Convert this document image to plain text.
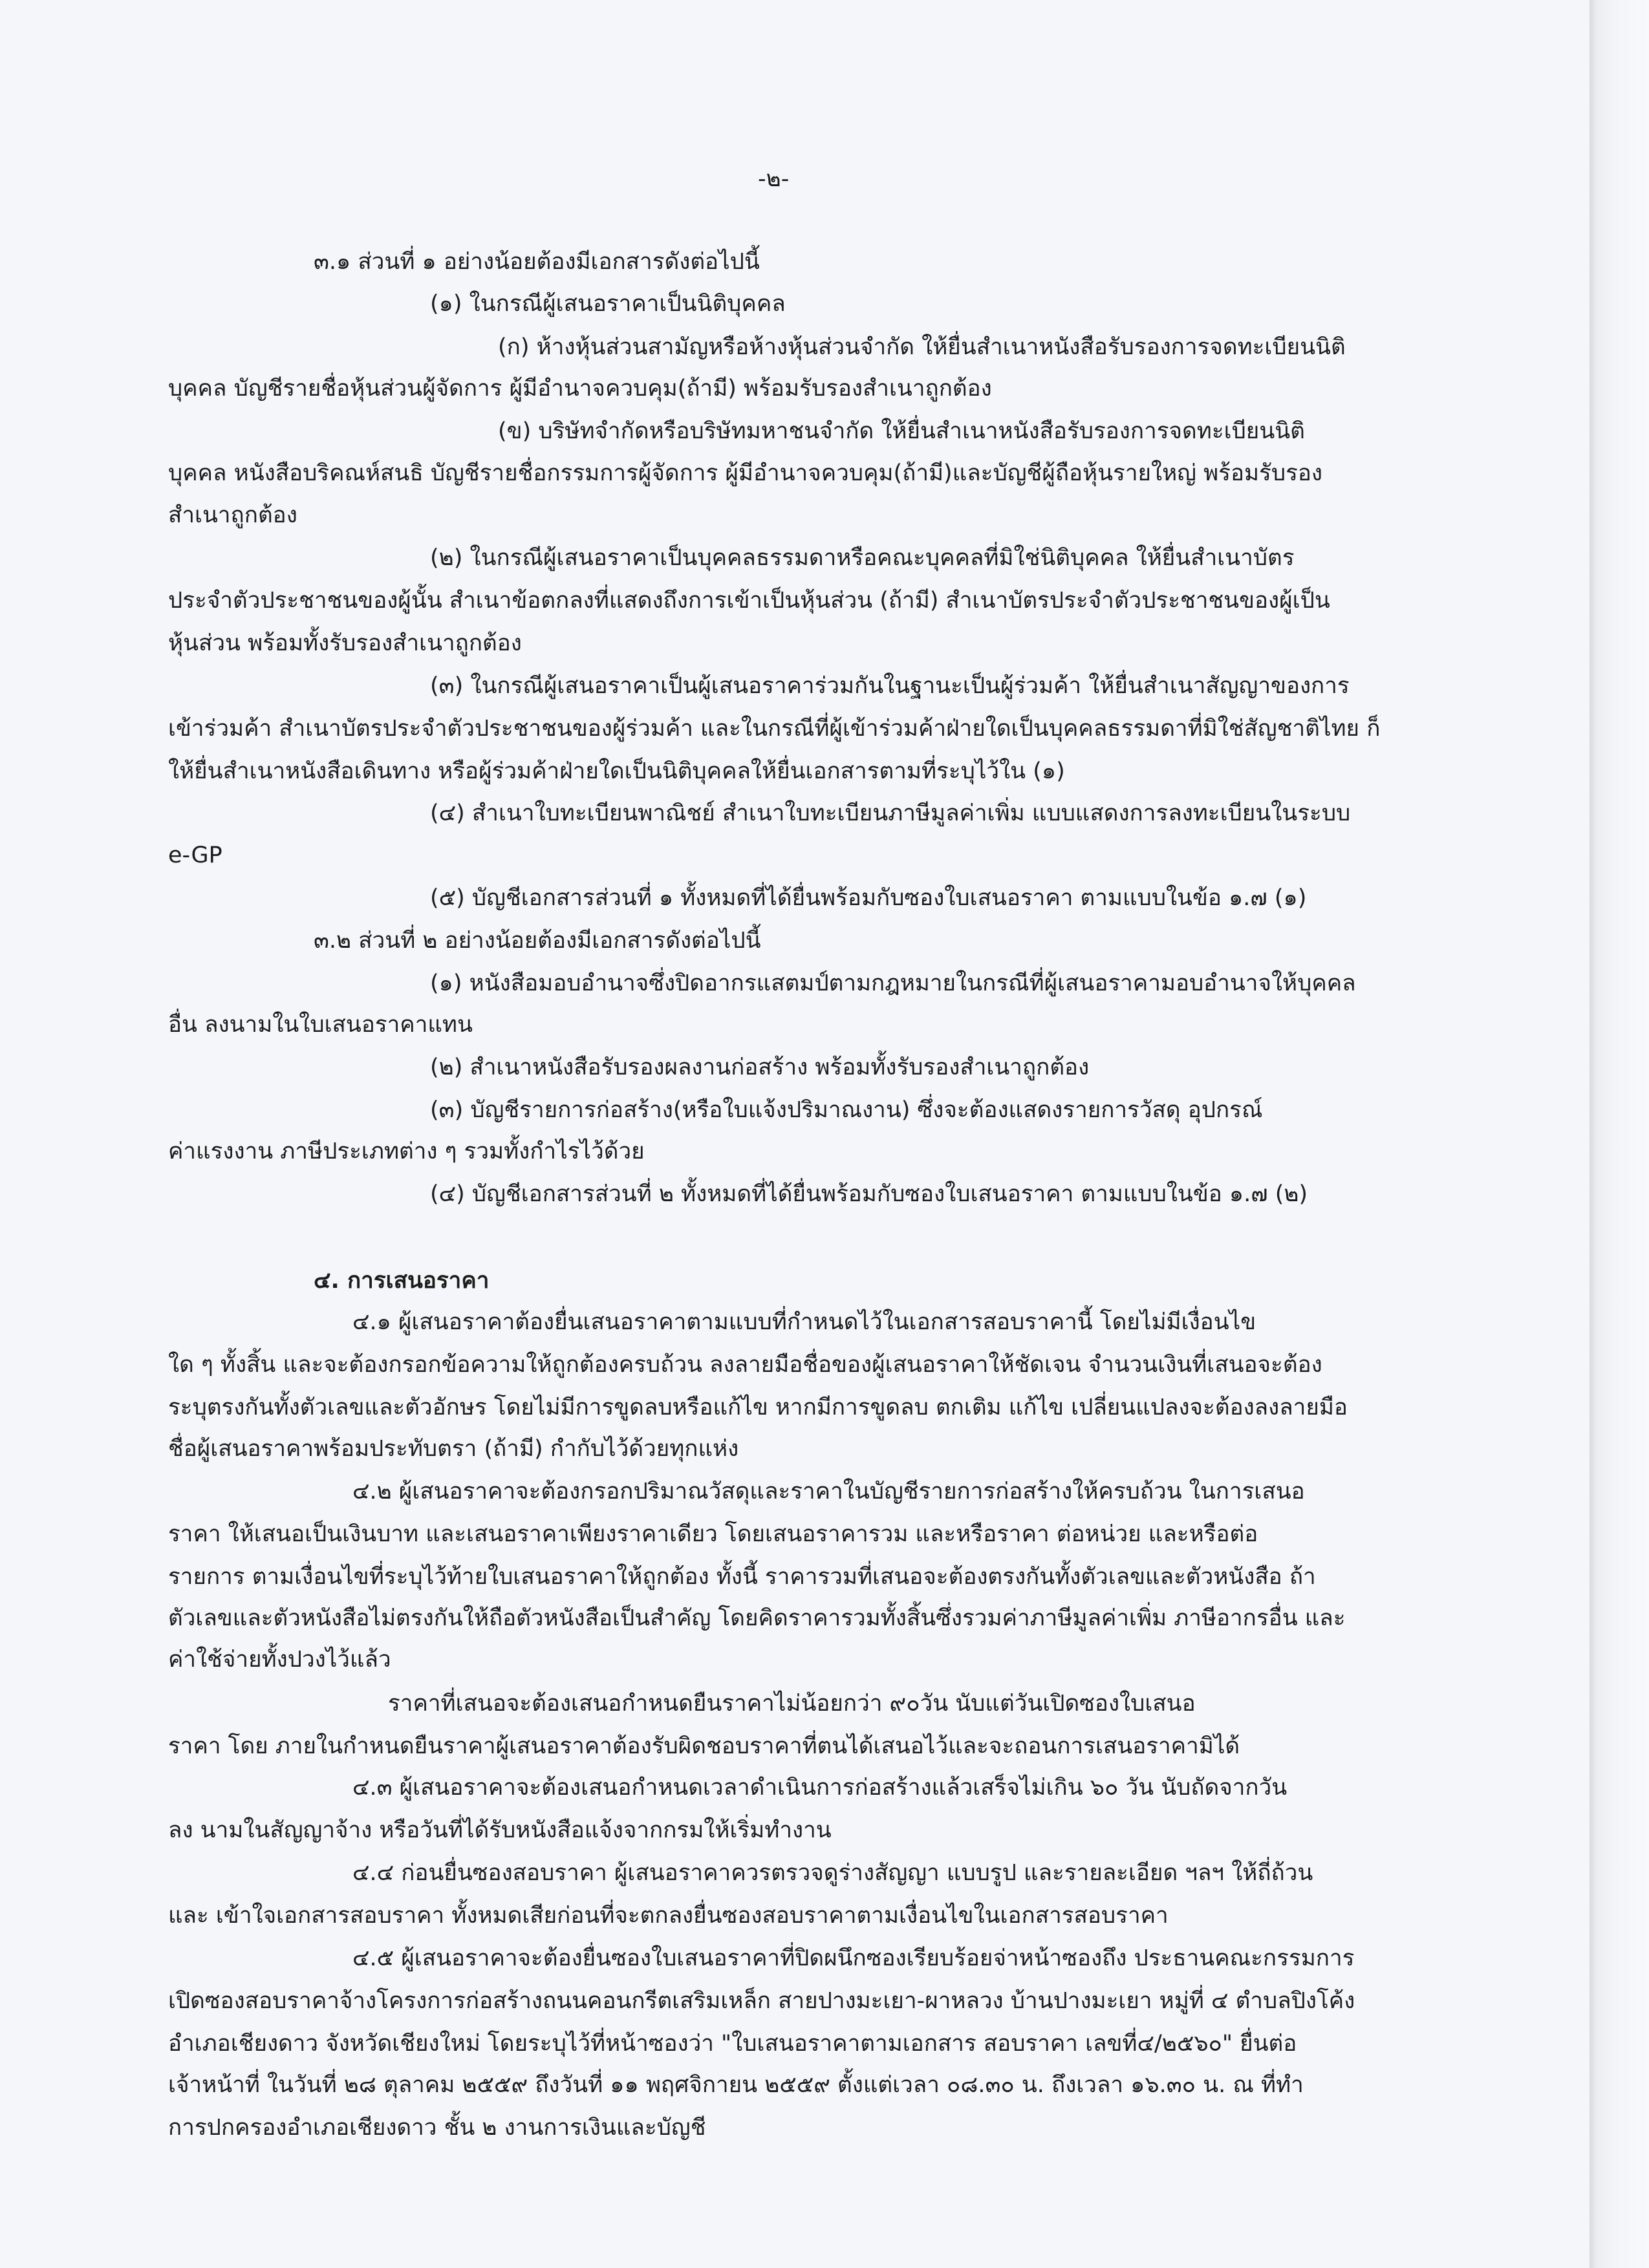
-๒-
๓.๑ ส่วนที่ ๑ อย่างน้อยต้องมีเอกสารดังต่อไปนี้
(๑) ในกรณีผู้เสนอราคาเป็นนิติบุคคล
(ก) ห้างหุ้นส่วนสามัญหรือห้างหุ้นส่วนจำกัด ให้ยื่นสำเนาหนังสือรับรองการจดทะเบียนนิติ
บุคคล บัญชีรายชื่อหุ้นส่วนผู้จัดการ ผู้มีอำนาจควบคุม(ถ้ามี) พร้อมรับรองสำเนาถูกต้อง
(ข) บริษัทจำกัดหรือบริษัทมหาชนจำกัด ให้ยื่นสำเนาหนังสือรับรองการจดทะเบียนนิติ
บุคคล หนังสือบริคณห์สนธิ บัญชีรายชื่อกรรมการผู้จัดการ ผู้มีอำนาจควบคุม(ถ้ามี)และบัญชีผู้ถือหุ้นรายใหญ่ พร้อมรับรอง
สำเนาถูกต้อง
(๒) ในกรณีผู้เสนอราคาเป็นบุคคลธรรมดาหรือคณะบุคคลที่มิใช่นิติบุคคล ให้ยื่นสำเนาบัตร
ประจำตัวประชาชนของผู้นั้น สำเนาข้อตกลงที่แสดงถึงการเข้าเป็นหุ้นส่วน (ถ้ามี) สำเนาบัตรประจำตัวประชาชนของผู้เป็น
หุ้นส่วน พร้อมทั้งรับรองสำเนาถูกต้อง
(๓) ในกรณีผู้เสนอราคาเป็นผู้เสนอราคาร่วมกันในฐานะเป็นผู้ร่วมค้า ให้ยื่นสำเนาสัญญาของการ
เข้าร่วมค้า สำเนาบัตรประจำตัวประชาชนของผู้ร่วมค้า และในกรณีที่ผู้เข้าร่วมค้าฝ่ายใดเป็นบุคคลธรรมดาที่มิใช่สัญชาติไทย ก็
ให้ยื่นสำเนาหนังสือเดินทาง หรือผู้ร่วมค้าฝ่ายใดเป็นนิติบุคคลให้ยื่นเอกสารตามที่ระบุไว้ใน (๑)
(๔) สำเนาใบทะเบียนพาณิชย์ สำเนาใบทะเบียนภาษีมูลค่าเพิ่ม แบบแสดงการลงทะเบียนในระบบ
e-GP
(๕) บัญชีเอกสารส่วนที่ ๑ ทั้งหมดที่ได้ยื่นพร้อมกับซองใบเสนอราคา ตามแบบในข้อ ๑.๗ (๑)
๓.๒ ส่วนที่ ๒ อย่างน้อยต้องมีเอกสารดังต่อไปนี้
(๑) หนังสือมอบอำนาจซึ่งปิดอากรแสตมป์ตามกฎหมายในกรณีที่ผู้เสนอราคามอบอำนาจให้บุคคล
อื่น ลงนามในใบเสนอราคาแทน
(๒) สำเนาหนังสือรับรองผลงานก่อสร้าง พร้อมทั้งรับรองสำเนาถูกต้อง
(๓) บัญชีรายการก่อสร้าง(หรือใบแจ้งปริมาณงาน) ซึ่งจะต้องแสดงรายการวัสดุ อุปกรณ์
ค่าแรงงาน ภาษีประเภทต่าง ๆ รวมทั้งกำไรไว้ด้วย
(๔) บัญชีเอกสารส่วนที่ ๒ ทั้งหมดที่ได้ยื่นพร้อมกับซองใบเสนอราคา ตามแบบในข้อ ๑.๗ (๒)
๔. การเสนอราคา
๔.๑ ผู้เสนอราคาต้องยื่นเสนอราคาตามแบบที่กำหนดไว้ในเอกสารสอบราคานี้ โดยไม่มีเงื่อนไข
ใด ๆ ทั้งสิ้น และจะต้องกรอกข้อความให้ถูกต้องครบถ้วน ลงลายมือชื่อของผู้เสนอราคาให้ชัดเจน จำนวนเงินที่เสนอจะต้อง
ระบุตรงกันทั้งตัวเลขและตัวอักษร โดยไม่มีการขูดลบหรือแก้ไข หากมีการขูดลบ ตกเติม แก้ไข เปลี่ยนแปลงจะต้องลงลายมือ
ชื่อผู้เสนอราคาพร้อมประทับตรา (ถ้ามี) กำกับไว้ด้วยทุกแห่ง
๔.๒ ผู้เสนอราคาจะต้องกรอกปริมาณวัสดุและราคาในบัญชีรายการก่อสร้างให้ครบถ้วน ในการเสนอ
ราคา ให้เสนอเป็นเงินบาท และเสนอราคาเพียงราคาเดียว โดยเสนอราคารวม และหรือราคา ต่อหน่วย และหรือต่อ
รายการ ตามเงื่อนไขที่ระบุไว้ท้ายใบเสนอราคาให้ถูกต้อง ทั้งนี้ ราคารวมที่เสนอจะต้องตรงกันทั้งตัวเลขและตัวหนังสือ ถ้า
ตัวเลขและตัวหนังสือไม่ตรงกันให้ถือตัวหนังสือเป็นสำคัญ โดยคิดราคารวมทั้งสิ้นซึ่งรวมค่าภาษีมูลค่าเพิ่ม ภาษีอากรอื่น และ
ค่าใช้จ่ายทั้งปวงไว้แล้ว
ราคาที่เสนอจะต้องเสนอกำหนดยืนราคาไม่น้อยกว่า ๙๐วัน นับแต่วันเปิดซองใบเสนอ
ราคา โดย ภายในกำหนดยืนราคาผู้เสนอราคาต้องรับผิดชอบราคาที่ตนได้เสนอไว้และจะถอนการเสนอราคามิได้
๔.๓ ผู้เสนอราคาจะต้องเสนอกำหนดเวลาดำเนินการก่อสร้างแล้วเสร็จไม่เกิน ๖๐ วัน นับถัดจากวัน
ลง นามในสัญญาจ้าง หรือวันที่ได้รับหนังสือแจ้งจากกรมให้เริ่มทำงาน
๔.๔ ก่อนยื่นซองสอบราคา ผู้เสนอราคาควรตรวจดูร่างสัญญา แบบรูป และรายละเอียด ฯลฯ ให้ถี่ถ้วน
และ เข้าใจเอกสารสอบราคา ทั้งหมดเสียก่อนที่จะตกลงยื่นซองสอบราคาตามเงื่อนไขในเอกสารสอบราคา
๔.๕ ผู้เสนอราคาจะต้องยื่นซองใบเสนอราคาที่ปิดผนึกซองเรียบร้อยจ่าหน้าซองถึง ประธานคณะกรรมการ
เปิดซองสอบราคาจ้างโครงการก่อสร้างถนนคอนกรีตเสริมเหล็ก สายปางมะเยา-ผาหลวง บ้านปางมะเยา หมู่ที่ ๔ ตำบลปิงโค้ง
อำเภอเชียงดาว จังหวัดเชียงใหม่ โดยระบุไว้ที่หน้าซองว่า "ใบเสนอราคาตามเอกสาร สอบราคา เลขที่๔/๒๕๖๐" ยื่นต่อ
เจ้าหน้าที่ ในวันที่ ๒๘ ตุลาคม ๒๕๕๙ ถึงวันที่ ๑๑ พฤศจิกายน ๒๕๕๙ ตั้งแต่เวลา ๐๘.๓๐ น. ถึงเวลา ๑๖.๓๐ น. ณ ที่ทำ
การปกครองอำเภอเชียงดาว ชั้น ๒ งานการเงินและบัญชี
